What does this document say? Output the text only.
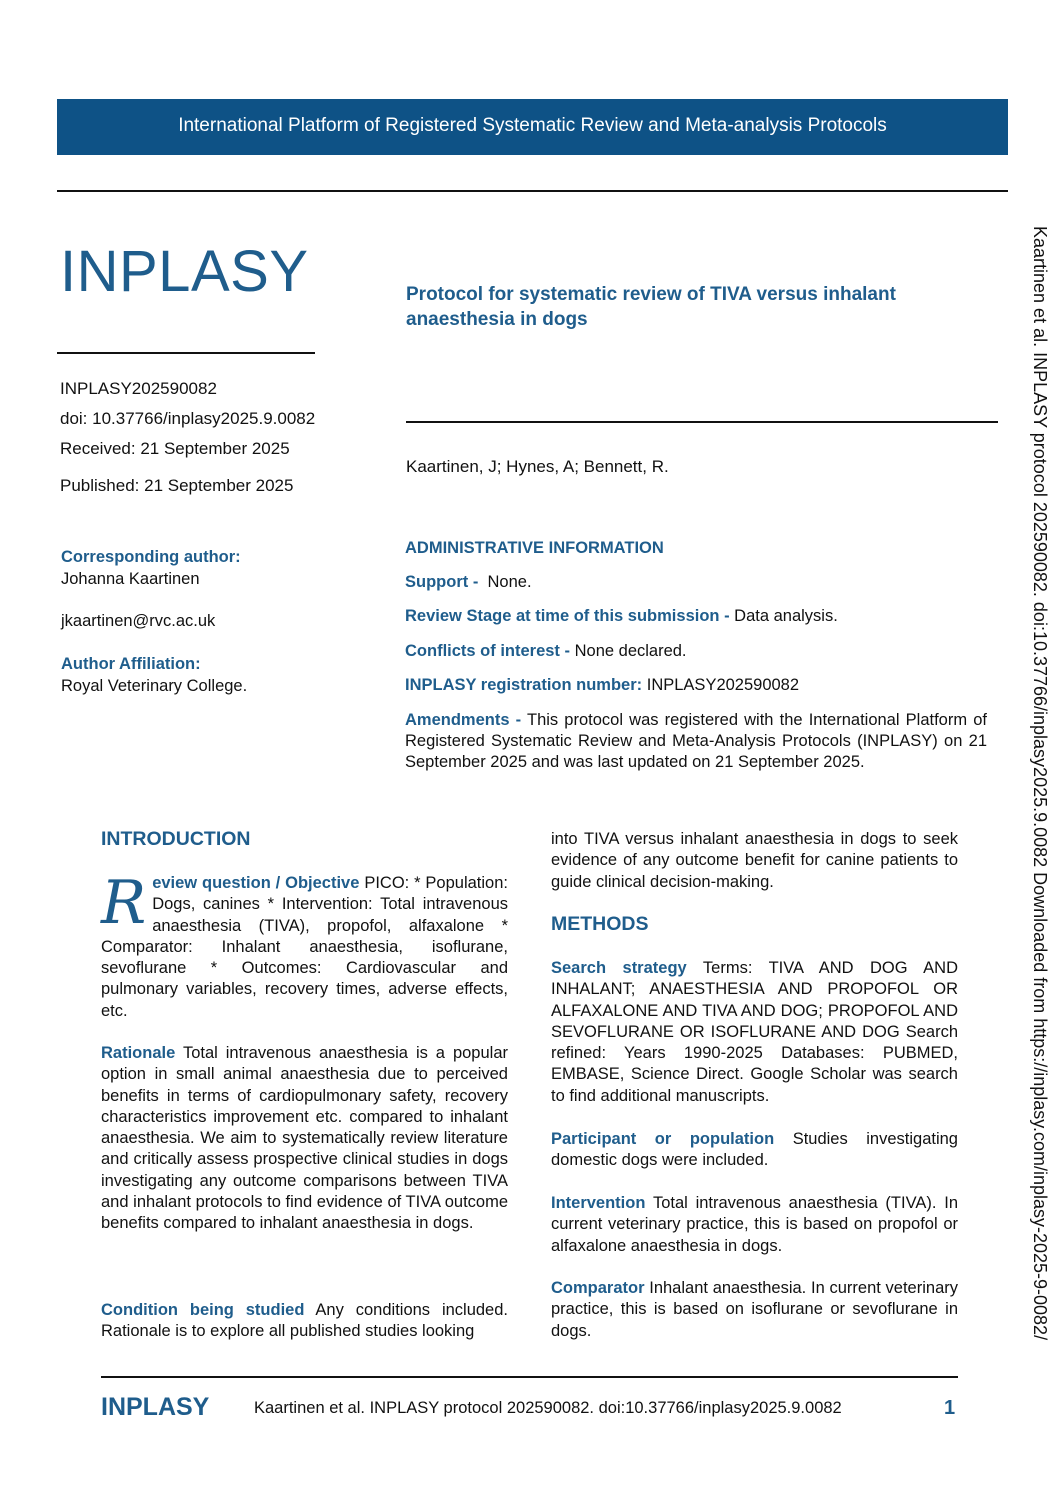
International Platform of Registered Systematic Review and Meta-analysis Protocols
INPLASY	Protocol for systematic review of TIVA versus inhalant anaesthesia in dogs
INPLASY202590082
doi: 10.37766/inplasy2025.9.0082
Received: 21 September 2025
Published: 21 September 2025
Kaartinen, J; Hynes, A; Bennett, R.
Corresponding author:
Johanna Kaartinen
jkaartinen@rvc.ac.uk
Author Affiliation:
Royal Veterinary College.
ADMINISTRATIVE INFORMATION
Support - None.
Review Stage at time of this submission - Data analysis.
Conflicts of interest - None declared.
INPLASY registration number: INPLASY202590082
Amendments - This protocol was registered with the International Platform of Registered Systematic Review and Meta-Analysis Protocols (INPLASY) on 21 September 2025 and was last updated on 21 September 2025.
INTRODUCTION
Review question / Objective PICO: * Population: Dogs, canines * Intervention: Total intravenous anaesthesia (TIVA), propofol, alfaxalone * Comparator: Inhalant anaesthesia, isoflurane, sevoflurane * Outcomes: Cardiovascular and pulmonary variables, recovery times, adverse effects, etc.
Rationale Total intravenous anaesthesia is a popular option in small animal anaesthesia due to perceived benefits in terms of cardiopulmonary safety, recovery characteristics improvement etc. compared to inhalant anaesthesia. We aim to systematically review literature and critically assess prospective clinical studies in dogs investigating any outcome comparisons between TIVA and inhalant protocols to find evidence of TIVA outcome benefits compared to inhalant anaesthesia in dogs.
Condition being studied Any conditions included. Rationale is to explore all published studies looking
into TIVA versus inhalant anaesthesia in dogs to seek evidence of any outcome benefit for canine patients to guide clinical decision-making.
METHODS
Search strategy Terms: TIVA AND DOG AND INHALANT; ANAESTHESIA AND PROPOFOL OR ALFAXALONE AND TIVA AND DOG; PROPOFOL AND SEVOFLURANE OR ISOFLURANE AND DOG Search refined: Years 1990-2025 Databases: PUBMED, EMBASE, Science Direct. Google Scholar was search to find additional manuscripts.
Participant or population Studies investigating domestic dogs were included.
Intervention Total intravenous anaesthesia (TIVA). In current veterinary practice, this is based on propofol or alfaxalone anaesthesia in dogs.
Comparator Inhalant anaesthesia. In current veterinary practice, this is based on isoflurane or sevoflurane in dogs.	Kaartinen et al. INPLASY protocol 202590082. doi:10.37766/inplasy2025.9.0082 Downloaded from https://inplasy.com/inplasy-2025-9-0082/
INPLASY	Kaartinen et al. INPLASY protocol 202590082. doi:10.37766/inplasy2025.9.0082	1
